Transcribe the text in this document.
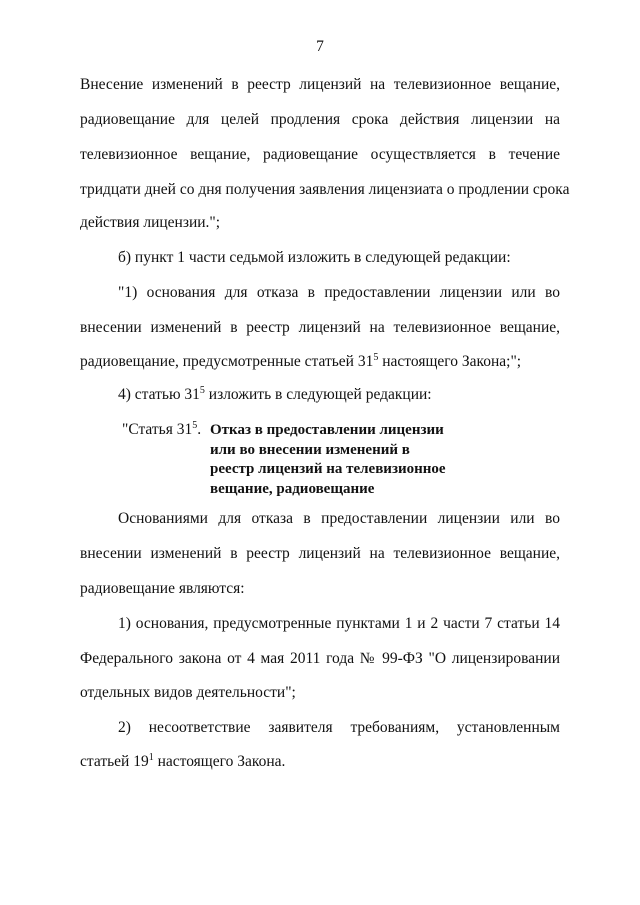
7
Внесение изменений в реестр лицензий на телевизионное вещание,
радиовещание для целей продления срока действия лицензии на
телевизионное вещание, радиовещание осуществляется в течение
тридцати дней со дня получения заявления лицензиата о продлении срока
действия лицензии.";
б) пункт 1 части седьмой изложить в следующей редакции:
"1) основания для отказа в предоставлении лицензии или во
внесении изменений в реестр лицензий на телевизионное вещание,
радиовещание, предусмотренные статьей $31^5$ настоящего Закона;";
4) статью $31^5$ изложить в следующей редакции:
"Статья $31^5$. Отказ в предоставлении лицензии
или во внесении изменений в
реестр лицензий на телевизионное
вещание, радиовещание
Основаниями для отказа в предоставлении лицензии или во
внесении изменений в реестр лицензий на телевизионное вещание,
радиовещание являются:
1) основания, предусмотренные пунктами 1 и 2 части 7 статьи 14
Федерального закона от 4 мая 2011 года № 99-ФЗ "О лицензировании
отдельных видов деятельности";
2) несоответствие заявителя требованиям, установленным
статьей $19^1$ настоящего Закона.
